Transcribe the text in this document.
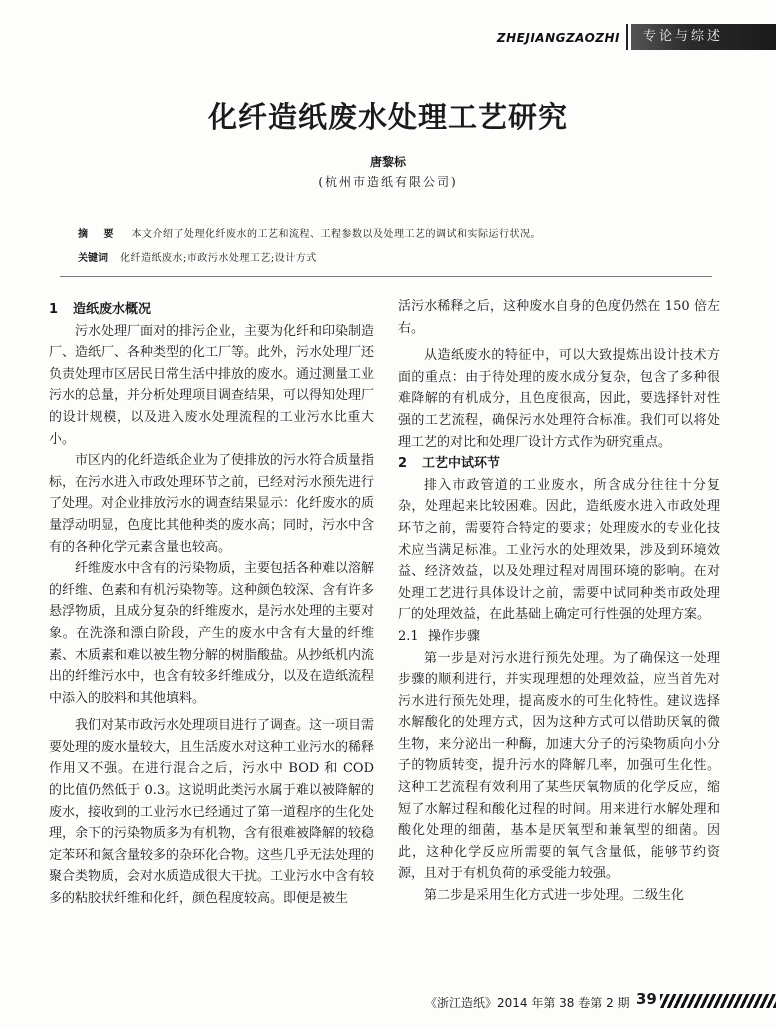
ZHEJIANGZAOZHI	专论与综述
化纤造纸废水处理工艺研究
唐黎标
(杭州市造纸有限公司)
摘 要 本文介绍了处理化纤废水的工艺和流程、工程参数以及处理工艺的调试和实际运行状况。
关键词 化纤造纸废水;市政污水处理工艺;设计方式
1 造纸废水概况

污水处理厂面对的排污企业，主要为化纤和印染制造厂、造纸厂、各种类型的化工厂等。此外，污水处理厂还负责处理市区居民日常生活中排放的废水。通过测量工业污水的总量，并分析处理项目调查结果，可以得知处理厂的设计规模，以及进入废水处理流程的工业污水比重大小。

市区内的化纤造纸企业为了使排放的污水符合质量指标，在污水进入市政处理环节之前，已经对污水预先进行了处理。对企业排放污水的调查结果显示：化纤废水的质量浮动明显，色度比其他种类的废水高；同时，污水中含有的各种化学元素含量也较高。

纤维废水中含有的污染物质，主要包括各种难以溶解的纤维、色素和有机污染物等。这种颜色较深、含有许多悬浮物质，且成分复杂的纤维废水，是污水处理的主要对象。在洗涤和漂白阶段，产生的废水中含有大量的纤维素、木质素和难以被生物分解的树脂酸盐。从抄纸机内流出的纤维污水中，也含有较多纤维成分，以及在造纸流程中添入的胶料和其他填料。

我们对某市政污水处理项目进行了调查。这一项目需要处理的废水量较大，且生活废水对这种工业污水的稀释作用又不强。在进行混合之后，污水中 BOD 和 COD 的比值仍然低于 0.3。这说明此类污水属于难以被降解的废水，接收到的工业污水已经通过了第一道程序的生化处理，余下的污染物质多为有机物，含有很难被降解的较稳定苯环和氮含量较多的杂环化合物。这些几乎无法处理的聚合类物质，会对水质造成很大干扰。工业污水中含有较多的粘胶状纤维和化纤，颜色程度较高。即便是被生

活污水稀释之后，这种废水自身的色度仍然在 150 倍左右。

从造纸废水的特征中，可以大致提炼出设计技术方面的重点：由于待处理的废水成分复杂，包含了多种很难降解的有机成分，且色度很高，因此，要选择针对性强的工艺流程，确保污水处理符合标准。我们可以将处理工艺的对比和处理厂设计方式作为研究重点。

2 工艺中试环节

排入市政管道的工业废水，所含成分往往十分复杂，处理起来比较困难。因此，造纸废水进入市政处理环节之前，需要符合特定的要求；处理废水的专业化技术应当满足标准。工业污水的处理效果，涉及到环境效益、经济效益，以及处理过程对周围环境的影响。在对处理工艺进行具体设计之前，需要中试同种类市政处理厂的处理效益，在此基础上确定可行性强的处理方案。

2.1 操作步骤

第一步是对污水进行预先处理。为了确保这一处理步骤的顺利进行，并实现理想的处理效益，应当首先对污水进行预先处理，提高废水的可生化特性。建议选择水解酸化的处理方式，因为这种方式可以借助厌氧的微生物，来分泌出一种酶，加速大分子的污染物质向小分子的物质转变，提升污水的降解几率，加强可生化性。这种工艺流程有效利用了某些厌氧物质的化学反应，缩短了水解过程和酸化过程的时间。用来进行水解处理和酸化处理的细菌，基本是厌氧型和兼氧型的细菌。因此，这种化学反应所需要的氧气含量低，能够节约资源，且对于有机负荷的承受能力较强。

第二步是采用生化方式进一步处理。二级生化

《浙江造纸》2014 年第 38 卷第 2 期 39
